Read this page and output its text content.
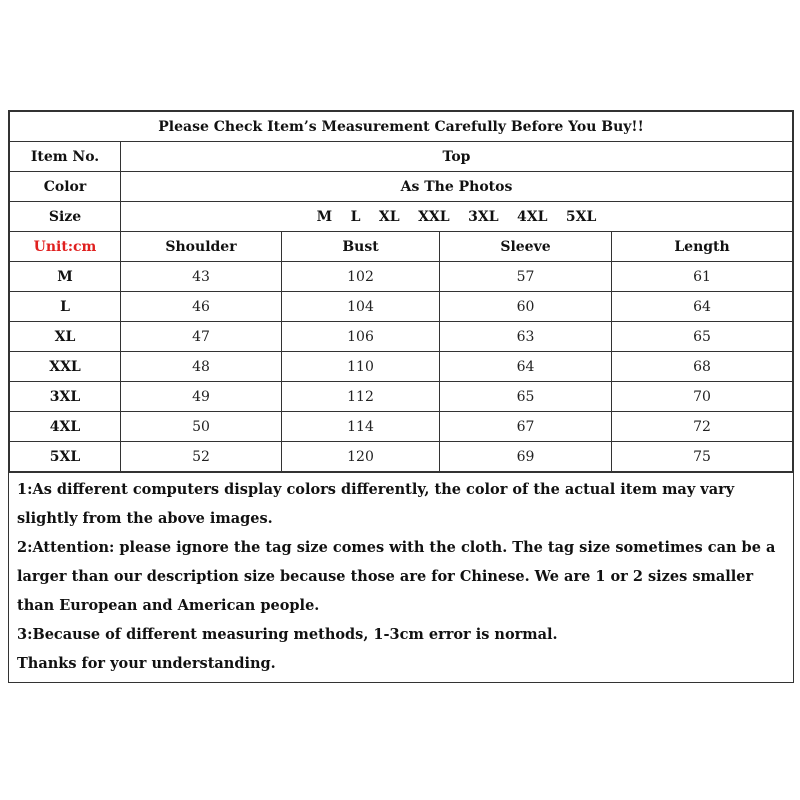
Please Check Item’s Measurement Carefully Before You Buy!!				
Item No.	Top			
Color	As The Photos			
Size	M L XL XXL 3XL 4XL 5XL			
Unit:cm	Shoulder	Bust	Sleeve	Length
M	43	102	57	61
L	46	104	60	64
XL	47	106	63	65
XXL	48	110	64	68
3XL	49	112	65	70
4XL	50	114	67	72
5XL	52	120	69	75

1:As different computers display colors differently, the color of the actual item may vary slightly from the above images.

2:Attention: please ignore the tag size comes with the cloth. The tag size sometimes can be a larger than our description size because those are for Chinese. We are 1 or 2 sizes smaller than European and American people.

3:Because of different measuring methods, 1-3cm error is normal.

Thanks for your understanding.
